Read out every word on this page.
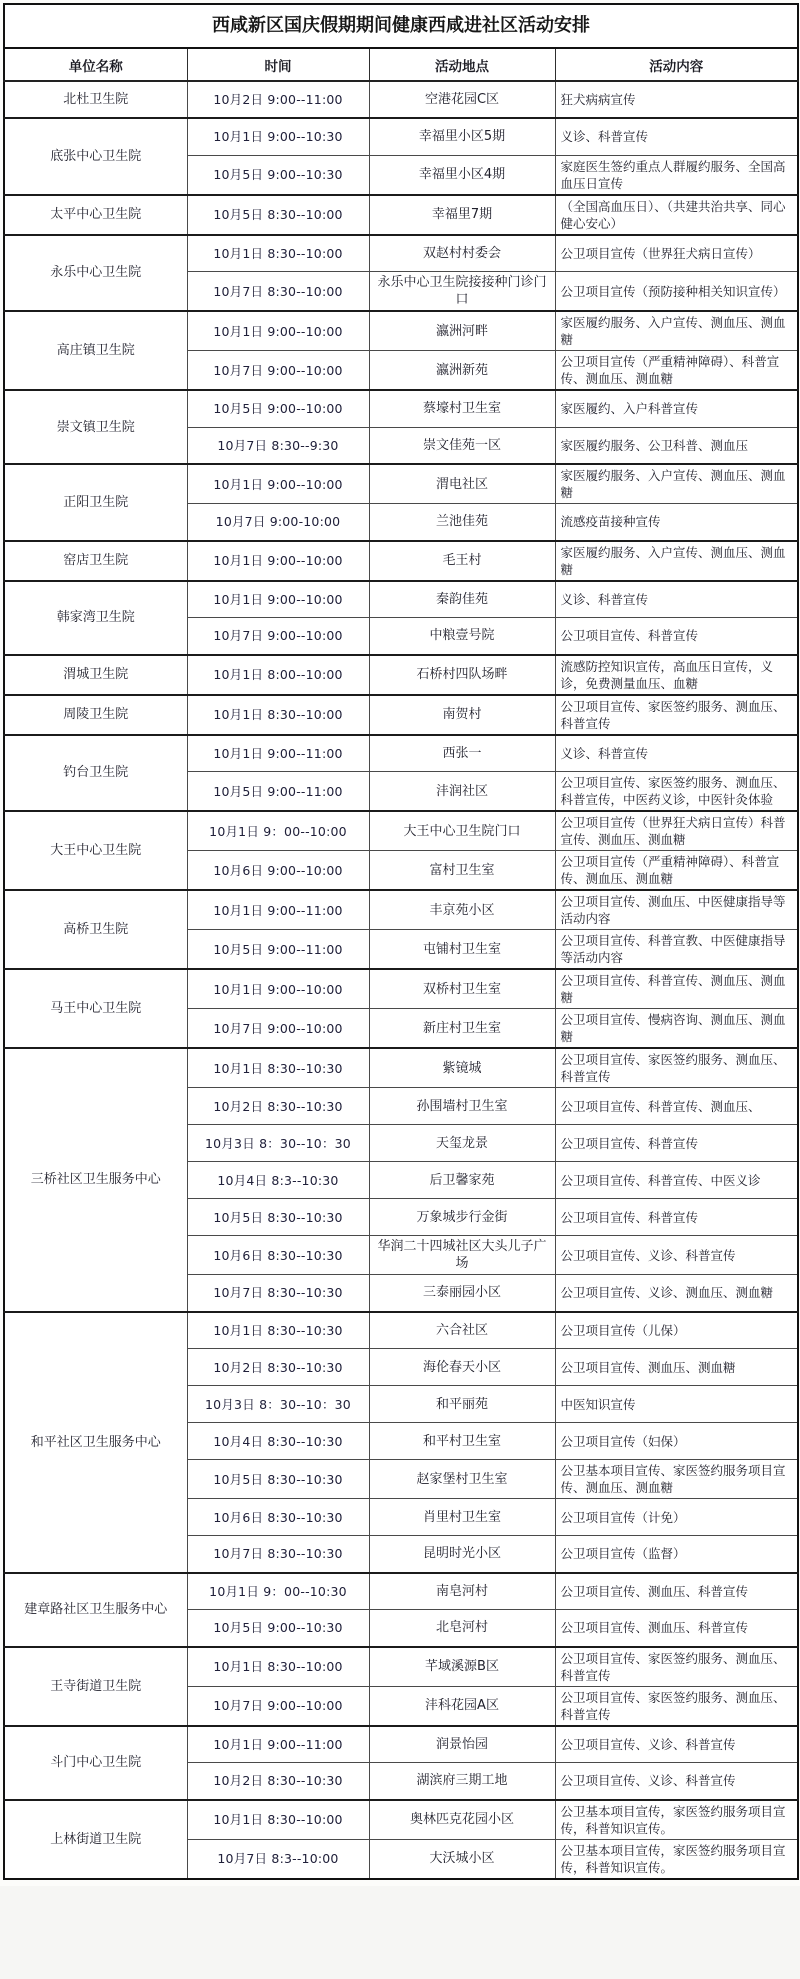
西咸新区国庆假期期间健康西咸进社区活动安排			
单位名称	时间	活动地点	活动内容
北杜卫生院	10月2日 9:00--11:00	空港花园C区	狂犬病病宣传
底张中心卫生院	10月1日 9:00--10:30	幸福里小区5期	义诊、科普宣传
	10月5日 9:00--10:30	幸福里小区4期	家庭医生签约重点人群履约服务、全国高血压日宣传
太平中心卫生院	10月5日 8:30--10:00	幸福里7期	（全国高血压日）、（共建共治共享、同心健心安心）
永乐中心卫生院	10月1日 8:30--10:00	双赵村村委会	公卫项目宣传（世界狂犬病日宣传）
	10月7日 8:30--10:00	永乐中心卫生院接接种门诊门口	公卫项目宣传（预防接种相关知识宣传）
高庄镇卫生院	10月1日 9:00--10:00	瀛洲河畔	家医履约服务、入户宣传、测血压、测血糖
	10月7日 9:00--10:00	瀛洲新苑	公卫项目宣传（严重精神障碍）、科普宣传、测血压、测血糖
崇文镇卫生院	10月5日 9:00--10:00	蔡壕村卫生室	家医履约、入户科普宣传
	10月7日 8:30--9:30	崇文佳苑一区	家医履约服务、公卫科普、测血压
正阳卫生院	10月1日 9:00--10:00	渭电社区	家医履约服务、入户宣传、测血压、测血糖
	10月7日 9:00-10:00	兰池佳苑	流感疫苗接种宣传
窑店卫生院	10月1日 9:00--10:00	毛王村	家医履约服务、入户宣传、测血压、测血糖
韩家湾卫生院	10月1日 9:00--10:00	秦韵佳苑	义诊、科普宣传
	10月7日 9:00--10:00	中粮壹号院	公卫项目宣传、科普宣传
渭城卫生院	10月1日 8:00--10:00	石桥村四队场畔	流感防控知识宣传，高血压日宣传，义诊，免费测量血压、血糖
周陵卫生院	10月1日 8:30--10:00	南贺村	公卫项目宣传、家医签约服务、测血压、科普宣传
钓台卫生院	10月1日 9:00--11:00	西张一	义诊、科普宣传
	10月5日 9:00--11:00	沣润社区	公卫项目宣传、家医签约服务、测血压、科普宣传，中医药义诊，中医针灸体验
大王中心卫生院	10月1日 9：00--10:00	大王中心卫生院门口	公卫项目宣传（世界狂犬病日宣传）科普宣传、测血压、测血糖
	10月6日 9:00--10:00	富村卫生室	公卫项目宣传（严重精神障碍）、科普宣传、测血压、测血糖
高桥卫生院	10月1日 9:00--11:00	丰京苑小区	公卫项目宣传、测血压、中医健康指导等活动内容
	10月5日 9:00--11:00	屯铺村卫生室	公卫项目宣传、科普宣教、中医健康指导等活动内容
马王中心卫生院	10月1日 9:00--10:00	双桥村卫生室	公卫项目宣传、科普宣传、测血压、测血糖
	10月7日 9:00--10:00	新庄村卫生室	公卫项目宣传、慢病咨询、测血压、测血糖
三桥社区卫生服务中心	10月1日 8:30--10:30	紫镜城	公卫项目宣传、家医签约服务、测血压、科普宣传
	10月2日 8:30--10:30	孙围墙村卫生室	公卫项目宣传、科普宣传、测血压、
	10月3日 8：30--10：30	天玺龙景	公卫项目宣传、科普宣传
	10月4日 8:3--10:30	后卫馨家苑	公卫项目宣传、科普宣传、中医义诊
	10月5日 8:30--10:30	万象城步行金街	公卫项目宣传、科普宣传
	10月6日 8:30--10:30	华润二十四城社区大头儿子广场	公卫项目宣传、义诊、科普宣传
	10月7日 8:30--10:30	三泰丽园小区	公卫项目宣传、义诊、测血压、测血糖
和平社区卫生服务中心	10月1日 8:30--10:30	六合社区	公卫项目宣传（儿保）
	10月2日 8:30--10:30	海伦春天小区	公卫项目宣传、测血压、测血糖
	10月3日 8：30--10：30	和平丽苑	中医知识宣传
	10月4日 8:30--10:30	和平村卫生室	公卫项目宣传（妇保）
	10月5日 8:30--10:30	赵家堡村卫生室	公卫基本项目宣传、家医签约服务项目宣传、测血压、测血糖
	10月6日 8:30--10:30	肖里村卫生室	公卫项目宣传（计免）
	10月7日 8:30--10:30	昆明时光小区	公卫项目宣传（监督）
建章路社区卫生服务中心	10月1日 9：00--10:30	南皂河村	公卫项目宣传、测血压、科普宣传
	10月5日 9:00--10:30	北皂河村	公卫项目宣传、测血压、科普宣传
王寺街道卫生院	10月1日 8:30--10:00	芊域溪源B区	公卫项目宣传、家医签约服务、测血压、科普宣传
	10月7日 9:00--10:00	沣科花园A区	公卫项目宣传、家医签约服务、测血压、科普宣传
斗门中心卫生院	10月1日 9:00--11:00	润景怡园	公卫项目宣传、义诊、科普宣传
	10月2日 8:30--10:30	湖滨府三期工地	公卫项目宣传、义诊、科普宣传
上林街道卫生院	10月1日 8:30--10:00	奥林匹克花园小区	公卫基本项目宣传，家医签约服务项目宣传，科普知识宣传。
	10月7日 8:3--10:00	大沃城小区	公卫基本项目宣传，家医签约服务项目宣传，科普知识宣传。
